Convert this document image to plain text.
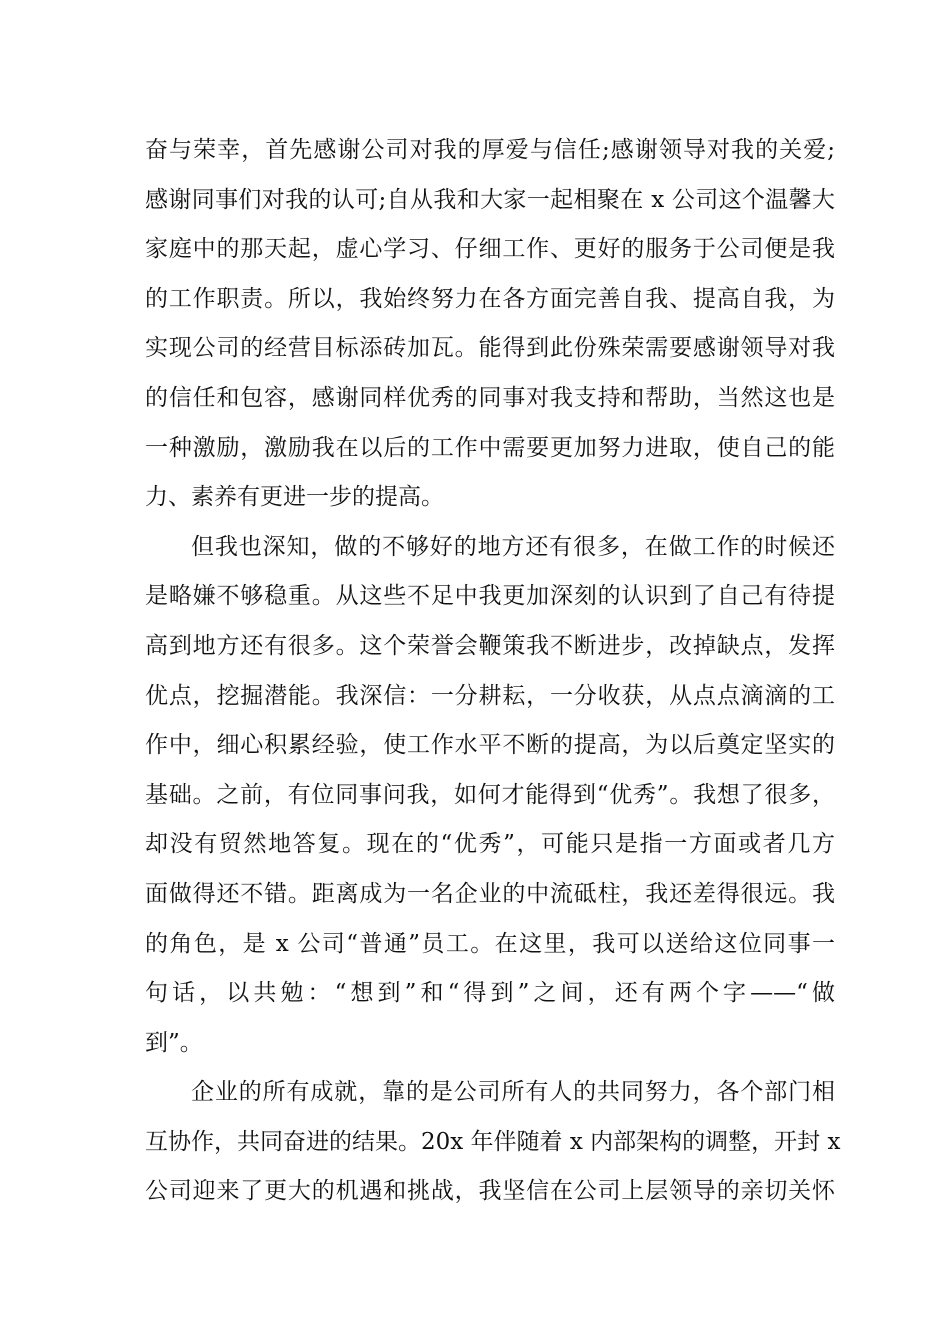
奋与荣幸，首先感谢公司对我的厚爱与信任;感谢领导对我的关爱;
感谢同事们对我的认可;自从我和大家一起相聚在 x 公司这个温馨大
家庭中的那天起，虚心学习、仔细工作、更好的服务于公司便是我
的工作职责。所以，我始终努力在各方面完善自我、提高自我，为
实现公司的经营目标添砖加瓦。能得到此份殊荣需要感谢领导对我
的信任和包容，感谢同样优秀的同事对我支持和帮助，当然这也是
一种激励，激励我在以后的工作中需要更加努力进取，使自己的能
力、素养有更进一步的提高。
但我也深知，做的不够好的地方还有很多，在做工作的时候还
是略嫌不够稳重。从这些不足中我更加深刻的认识到了自己有待提
高到地方还有很多。这个荣誉会鞭策我不断进步，改掉缺点，发挥
优点，挖掘潜能。我深信：一分耕耘，一分收获，从点点滴滴的工
作中，细心积累经验，使工作水平不断的提高，为以后奠定坚实的
基础。之前，有位同事问我，如何才能得到“优秀”。我想了很多，
却没有贸然地答复。现在的“优秀”，可能只是指一方面或者几方
面做得还不错。距离成为一名企业的中流砥柱，我还差得很远。我
的角色，是 x 公司“普通”员工。在这里，我可以送给这位同事一
句话，以共勉：“想到”和“得到”之间，还有两个字——“做
到”。
企业的所有成就，靠的是公司所有人的共同努力，各个部门相
互协作，共同奋进的结果。20x 年伴随着 x 内部架构的调整，开封 x
公司迎来了更大的机遇和挑战，我坚信在公司上层领导的亲切关怀
